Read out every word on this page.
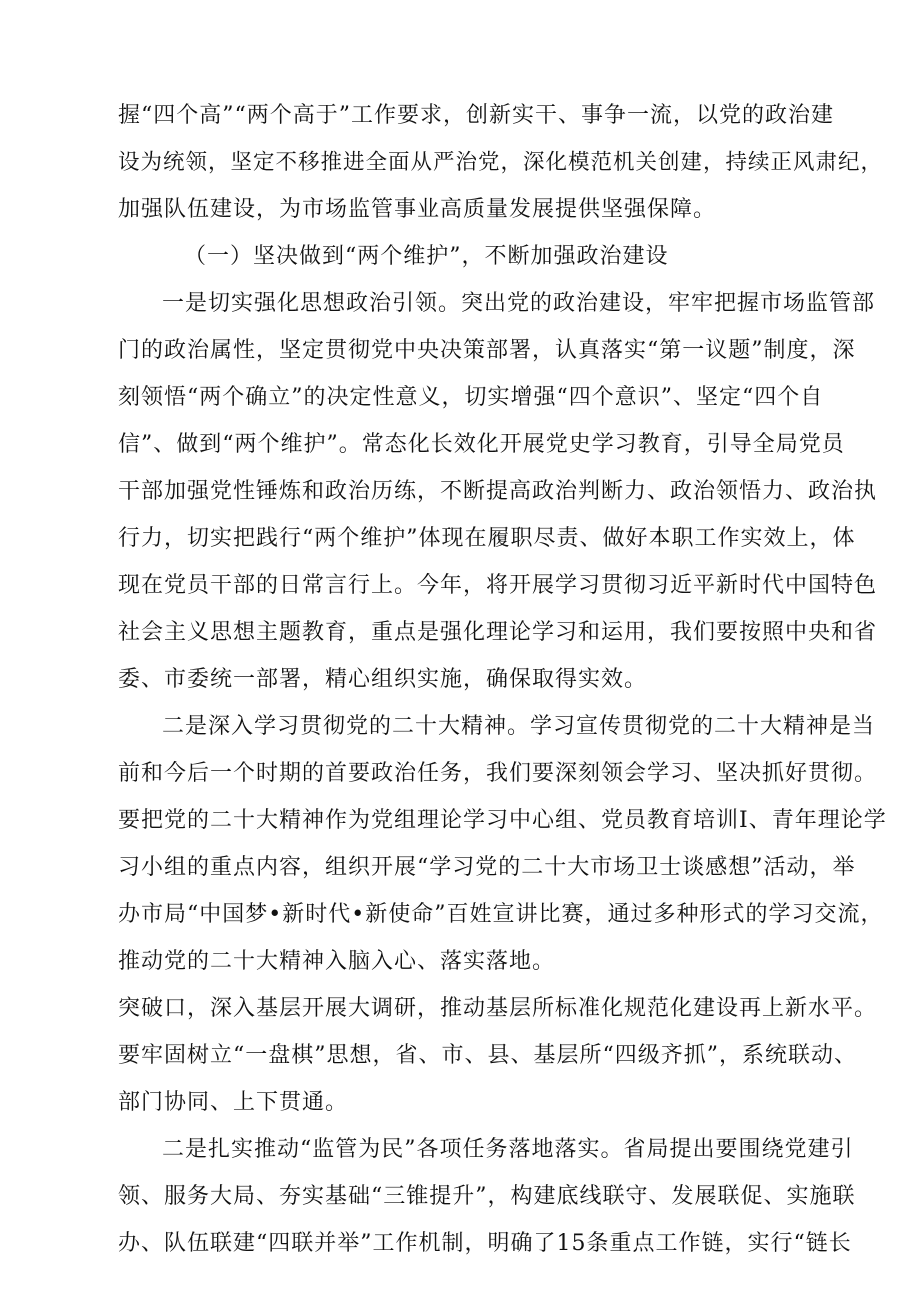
握“四个高”“两个高于”工作要求，创新实干、事争一流，以党的政治建
设为统领，坚定不移推进全面从严治党，深化模范机关创建，持续正风肃纪，
加强队伍建设，为市场监管事业高质量发展提供坚强保障。
（一）坚决做到“两个维护”，不断加强政治建设
一是切实强化思想政治引领。突出党的政治建设，牢牢把握市场监管部
门的政治属性，坚定贯彻党中央决策部署，认真落实“第一议题”制度，深
刻领悟“两个确立”的决定性意义，切实增强“四个意识”、坚定“四个自
信”、做到“两个维护”。常态化长效化开展党史学习教育，引导全局党员
干部加强党性锤炼和政治历练，不断提高政治判断力、政治领悟力、政治执
行力，切实把践行“两个维护”体现在履职尽责、做好本职工作实效上，体
现在党员干部的日常言行上。今年，将开展学习贯彻习近平新时代中国特色
社会主义思想主题教育，重点是强化理论学习和运用，我们要按照中央和省
委、市委统一部署，精心组织实施，确保取得实效。
二是深入学习贯彻党的二十大精神。学习宣传贯彻党的二十大精神是当
前和今后一个时期的首要政治任务，我们要深刻领会学习、坚决抓好贯彻。
要把党的二十大精神作为党组理论学习中心组、党员教育培训I、青年理论学
习小组的重点内容，组织开展“学习党的二十大市场卫士谈感想”活动，举
办市局“中国梦•新时代•新使命”百姓宣讲比赛，通过多种形式的学习交流，
推动党的二十大精神入脑入心、落实落地。
突破口，深入基层开展大调研，推动基层所标准化规范化建设再上新水平。
要牢固树立“一盘棋”思想，省、市、县、基层所“四级齐抓”，系统联动、
部门协同、上下贯通。
二是扎实推动“监管为民”各项任务落地落实。省局提出要围绕党建引
领、服务大局、夯实基础“三锥提升”，构建底线联守、发展联促、实施联
办、队伍联建“四联并举”工作机制，明确了15条重点工作链，实行“链长
